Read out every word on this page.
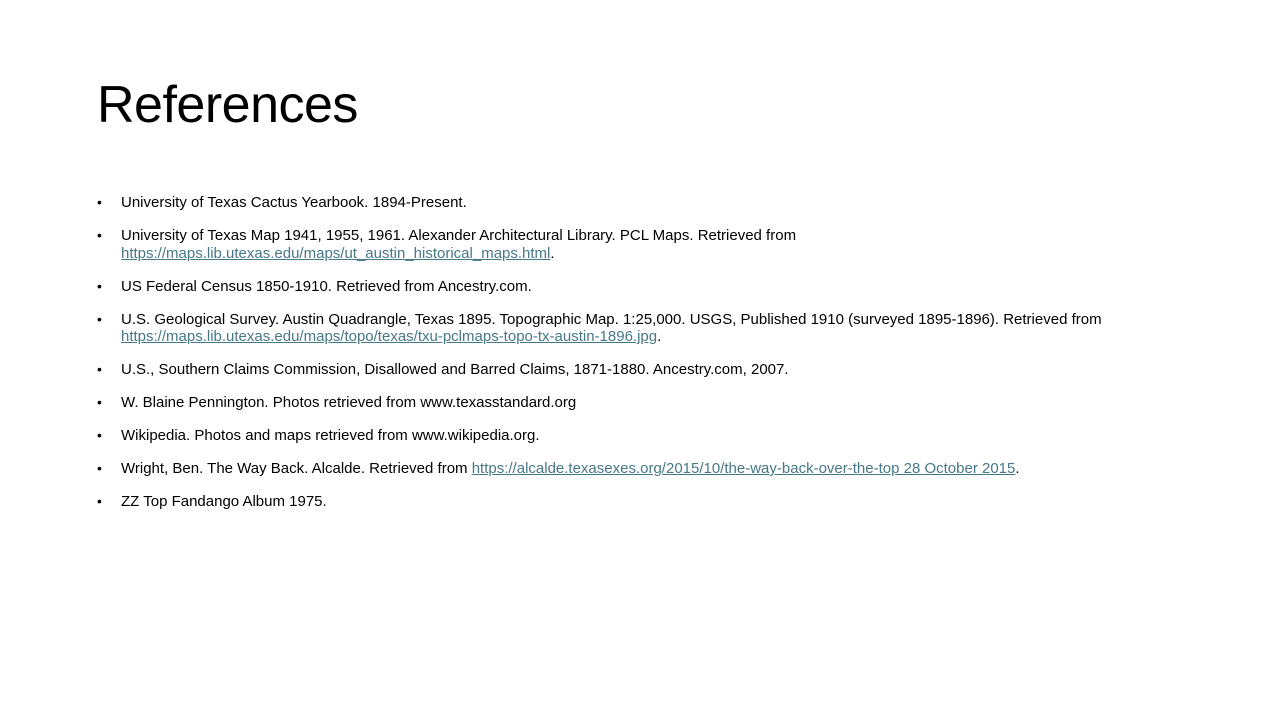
References
• University of Texas Cactus Yearbook. 1894-Present.
• University of Texas Map 1941, 1955, 1961. Alexander Architectural Library. PCL Maps. Retrieved from
https://maps.lib.utexas.edu/maps/ut_austin_historical_maps.html.
• US Federal Census 1850-1910. Retrieved from Ancestry.com.
• U.S. Geological Survey. Austin Quadrangle, Texas 1895. Topographic Map. 1:25,000. USGS, Published 1910 (surveyed 1895-1896). Retrieved from
https://maps.lib.utexas.edu/maps/topo/texas/txu-pclmaps-topo-tx-austin-1896.jpg.
• U.S., Southern Claims Commission, Disallowed and Barred Claims, 1871-1880. Ancestry.com, 2007.
• W. Blaine Pennington. Photos retrieved from www.texasstandard.org
• Wikipedia. Photos and maps retrieved from www.wikipedia.org.
• Wright, Ben. The Way Back. Alcalde. Retrieved from https://alcalde.texasexes.org/2015/10/the-way-back-over-the-top 28 October 2015.
• ZZ Top Fandango Album 1975.
